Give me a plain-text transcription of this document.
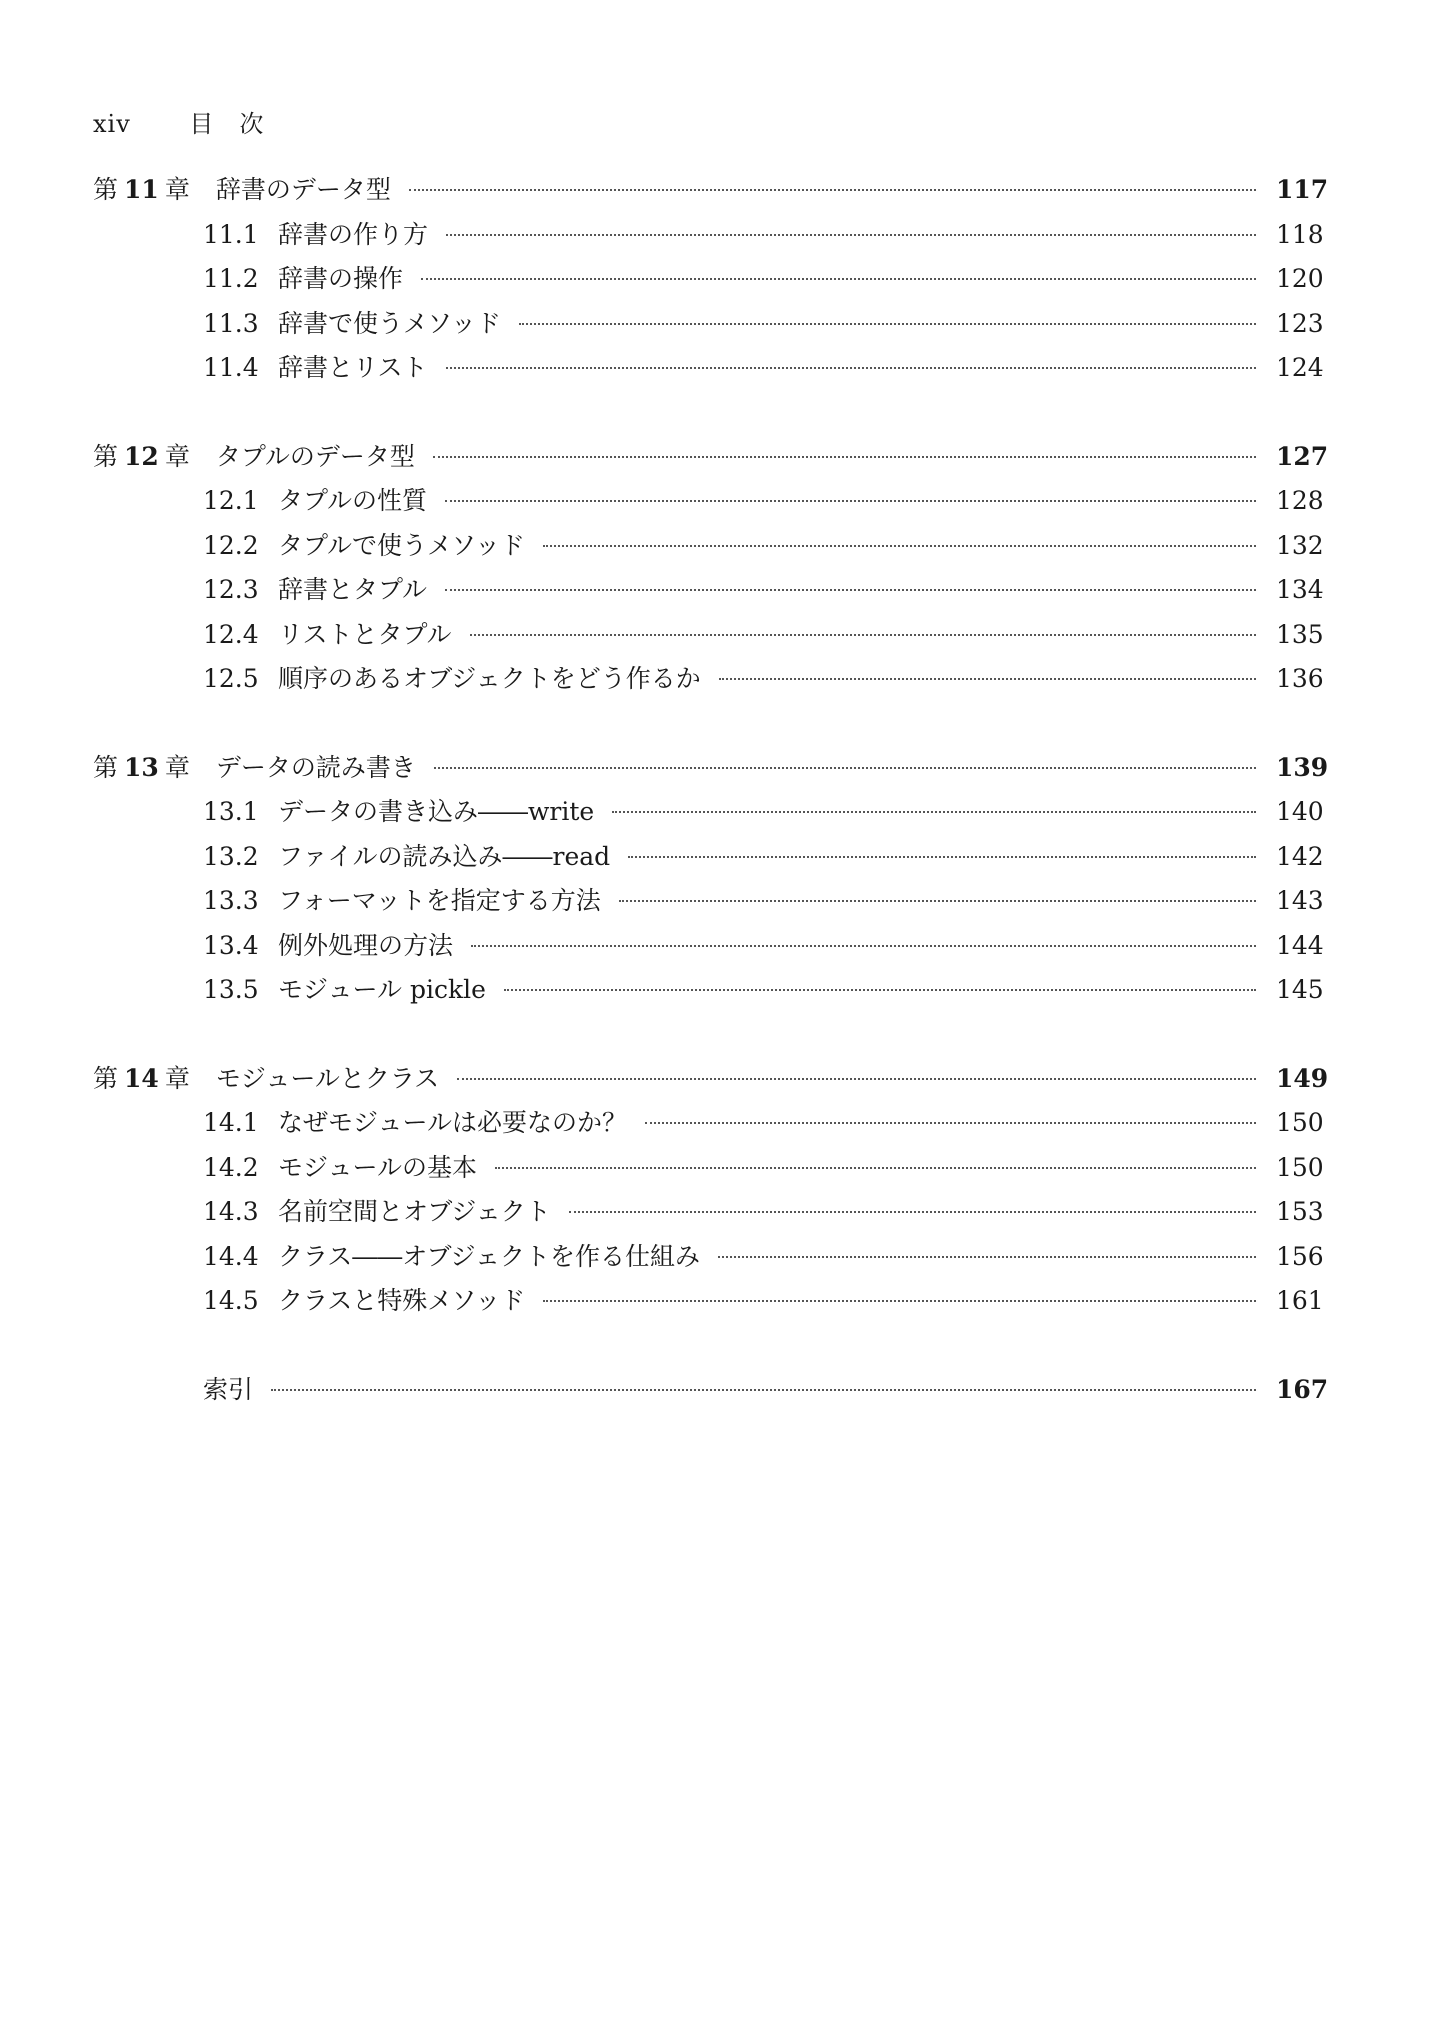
xiv 目　次
第 11 章 辞書のデータ型	117
11.1 辞書の作り方	118
11.2 辞書の操作	120
11.3 辞書で使うメソッド	123
11.4 辞書とリスト	124
第 12 章 タプルのデータ型	127
12.1 タプルの性質	128
12.2 タプルで使うメソッド	132
12.3 辞書とタプル	134
12.4 リストとタプル	135
12.5 順序のあるオブジェクトをどう作るか	136
第 13 章 データの読み書き	139
13.1 データの書き込み――write	140
13.2 ファイルの読み込み――read	142
13.3 フォーマットを指定する方法	143
13.4 例外処理の方法	144
13.5 モジュール pickle	145
第 14 章 モジュールとクラス	149
14.1 なぜモジュールは必要なのか？	150
14.2 モジュールの基本	150
14.3 名前空間とオブジェクト	153
14.4 クラス――オブジェクトを作る仕組み	156
14.5 クラスと特殊メソッド	161
索引	167
